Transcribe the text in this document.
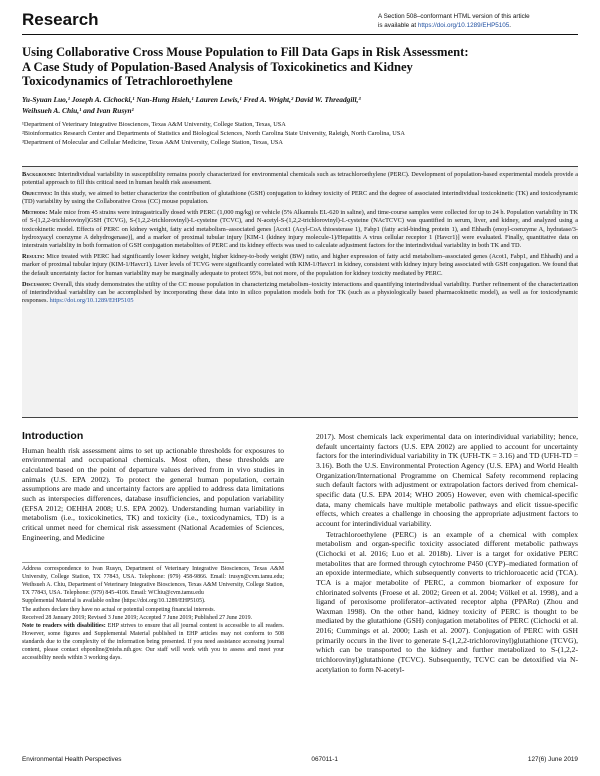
Research	A Section 508–conformant HTML version of this article
is available at https://doi.org/10.1289/EHP5105.
Using Collaborative Cross Mouse Population to Fill Data Gaps in Risk Assessment:
A Case Study of Population-Based Analysis of Toxicokinetics and Kidney
Toxicodynamics of Tetrachloroethylene
Yu-Syuan Luo,¹ Joseph A. Cichocki,¹ Nan-Hung Hsieh,¹ Lauren Lewis,¹ Fred A. Wright,² David W. Threadgill,³
Weihsueh A. Chiu,¹ and Ivan Rusyn¹
¹Department of Veterinary Integrative Biosciences, Texas A&M University, College Station, Texas, USA
²Bioinformatics Research Center and Departments of Statistics and Biological Sciences, North Carolina State University, Raleigh, North Carolina, USA
³Department of Molecular and Cellular Medicine, Texas A&M University, College Station, Texas, USA

Background: Interindividual variability in susceptibility remains poorly characterized for environmental chemicals such as tetrachloroethylene (PERC). Development of population-based experimental models provide a potential approach to fill this critical need in human health risk assessment.

Objectives: In this study, we aimed to better characterize the contribution of glutathione (GSH) conjugation to kidney toxicity of PERC and the degree of associated interindividual toxicokinetic (TK) and toxicodynamic (TD) variability by using the Collaborative Cross (CC) mouse population.

Methods: Male mice from 45 strains were intragastrically dosed with PERC (1,000 mg/kg) or vehicle (5% Alkamuls EL-620 in saline), and time-course samples were collected for up to 24 h. Population variability in TK of S-(1,2,2-trichlorovinyl)GSH (TCVG), S-(1,2,2-trichlorovinyl)-L-cysteine (TCVC), and N-acetyl-S-(1,2,2-trichlorovinyl)-L-cysteine (NAcTCVC) was quantified in serum, liver, and kidney, and analyzed using a toxicokinetic model. Effects of PERC on kidney weight, fatty acid metabolism–associated genes [Acot1 (Acyl-CoA thioesterase 1), Fabp1 (fatty acid-binding protein 1), and Ehhadh (enoyl-coenzyme A, hydratase/3-hydroxyacyl coenzyme A dehydrogenase)], and a marker of proximal tubular injury [KIM-1 (kidney injury molecule-1)/Hepatitis A virus cellular receptor 1 (Havcr1)] were evaluated. Finally, quantitative data on interstrain variability in both formation of GSH conjugation metabolites of PERC and its kidney effects was used to calculate adjustment factors for the interindividual variability in both TK and TD.

Results: Mice treated with PERC had significantly lower kidney weight, higher kidney-to-body weight (BW) ratio, and higher expression of fatty acid metabolism–associated genes (Acot1, Fabp1, and Ehhadh) and a marker of proximal tubular injury (KIM-1/Havcr1). Liver levels of TCVG were significantly correlated with KIM-1/Havcr1 in kidney, consistent with kidney injury being associated with GSH conjugation. We found that the default uncertainty factor for human variability may be marginally adequate to protect 95%, but not more, of the population for kidney toxicity mediated by PERC.

Discussion: Overall, this study demonstrates the utility of the CC mouse population in characterizing metabolism–toxicity interactions and quantifying interindividual variability. Further refinement of the characterization of interindividual variability can be accomplished by incorporating these data into in silico population models both for TK (such as a physiologically based pharmacokinetic model), as well as for toxicodynamic responses. https://doi.org/10.1289/EHP5105

Introduction

Human health risk assessment aims to set up actionable thresholds for exposures to environmental and occupational chemicals. Most often, these thresholds are calculated based on the point of departure values derived from in vivo studies in animals (U.S. EPA 2002). To protect the general human population, certain assumptions are made and uncertainty factors are applied to address data limitations such as interspecies differences, database insufficiencies, and population variability (EFSA 2012; OEHHA 2008; U.S. EPA 2002). Understanding human variability in metabolism (i.e., toxicokinetics, TK) and toxicity (i.e., toxicodynamics, TD) is a critical unmet need for chemical risk assessment (National Academies of Sciences, Engineering, and Medicine

Address correspondence to Ivan Rusyn, Department of Veterinary Integrative Biosciences, Texas A&M University, College Station, TX 77843, USA. Telephone: (979) 458-9866. Email: irusyn@cvm.tamu.edu; Weihsueh A. Chiu, Department of Veterinary Integrative Biosciences, Texas A&M University, College Station, TX 77843, USA. Telephone: (979) 845-4106. Email: WChiu@cvm.tamu.edu

Supplemental Material is available online (https://doi.org/10.1289/EHP5105).

The authors declare they have no actual or potential competing financial interests.

Received 28 January 2019; Revised 3 June 2019; Accepted 7 June 2019; Published 27 June 2019.

Note to readers with disabilities: EHP strives to ensure that all journal content is accessible to all readers. However, some figures and Supplemental Material published in EHP articles may not conform to 508 standards due to the complexity of the information being presented. If you need assistance accessing journal content, please contact ehponline@niehs.nih.gov. Our staff will work with you to assess and meet your accessibility needs within 3 working days.

2017). Most chemicals lack experimental data on interindividual variability; hence, default uncertainty factors (U.S. EPA 2002) are applied to account for uncertainty factors for the interindividual variability in TK (UFH-TK = 3.16) and TD (UFH-TD = 3.16). Both the U.S. Environmental Protection Agency (U.S. EPA) and World Health Organization/International Programme on Chemical Safety recommend replacing such default factors with adjustment or extrapolation factors derived from chemical-specific data (U.S. EPA 2014; WHO 2005) However, even with chemical-specific data, many chemicals have multiple metabolic pathways and elicit tissue-specific effects, which creates a challenge in choosing the appropriate adjustment factors to account for interindividual variability.

Tetrachloroethylene (PERC) is an example of a chemical with complex metabolism and organ-specific toxicity associated different metabolic pathways (Cichocki et al. 2016; Luo et al. 2018b). Liver is a target for oxidative PERC metabolites that are formed through cytochrome P450 (CYP)–mediated formation of an epoxide intermediate, which subsequently converts to trichloroacetic acid (TCA). TCA is a major metabolite of PERC, a common biomarker of exposure for chlorinated solvents (Froese et al. 2002; Green et al. 2004; Völkel et al. 1998), and a ligand of peroxisome proliferator–activated receptor alpha (PPARα) (Zhou and Waxman 1998). On the other hand, kidney toxicity of PERC is thought to be mediated by the glutathione (GSH) conjugation metabolites of PERC (Cichocki et al. 2016; Cummings et al. 2000; Lash et al. 2007). Conjugation of PERC with GSH primarily occurs in the liver to generate S-(1,2,2-trichlorovinyl)glutathione (TCVG), which can be transported to the kidney and further metabolized to S-(1,2,2-trichlorovinyl)glutathione (TCVC). Subsequently, TCVC can be detoxified via N-acetylation to form N-acetyl-

Environmental Health Perspectives	067011-1	127(6) June 2019
